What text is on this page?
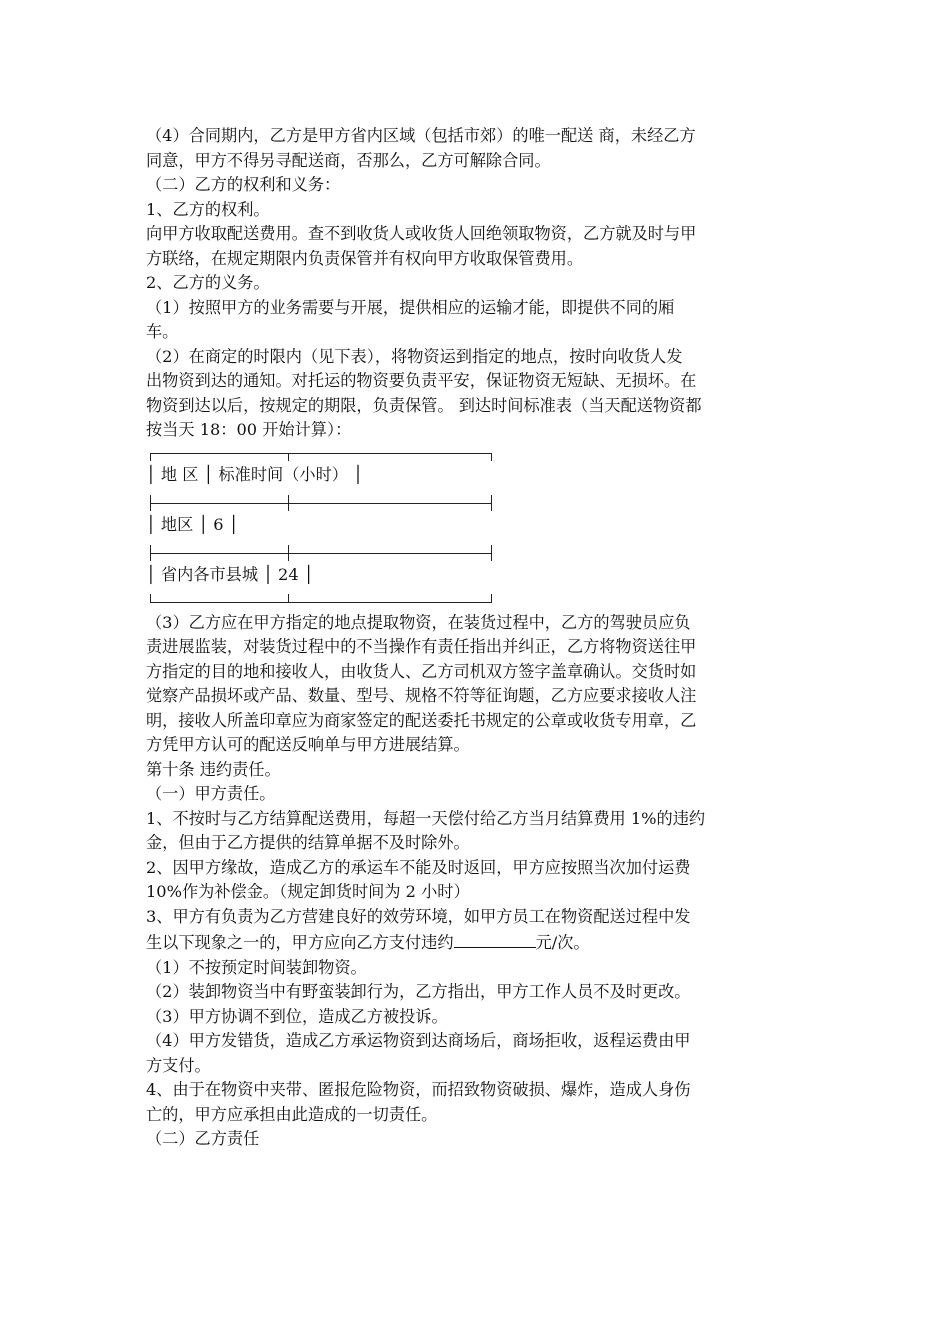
（4）合同期内，乙方是甲方省内区域（包括市郊）的唯一配送 商，未经乙方

同意，甲方不得另寻配送商，否那么，乙方可解除合同。

（二）乙方的权利和义务：

1、乙方的权利。

向甲方收取配送费用。查不到收货人或收货人回绝领取物资，乙方就及时与甲

方联络，在规定期限内负责保管并有权向甲方收取保管费用。

2、乙方的义务。

（1）按照甲方的业务需要与开展，提供相应的运输才能，即提供不同的厢

车。

（2）在商定的时限内（见下表），将物资运到指定的地点，按时向收货人发

出物资到达的通知。对托运的物资要负责平安，保证物资无短缺、无损坏。在

物资到达以后，按规定的期限，负责保管。 到达时间标准表（当天配送物资都

按当天 18：00 开始计算）：

│ 地 区 │ 标准时间（小时） │
│ 地区 │ 6 │
│ 省内各市县城 │ 24 │

（3）乙方应在甲方指定的地点提取物资，在装货过程中，乙方的驾驶员应负

责进展监装，对装货过程中的不当操作有责任指出并纠正，乙方将物资送往甲

方指定的目的地和接收人，由收货人、乙方司机双方签字盖章确认。交货时如

觉察产品损坏或产品、数量、型号、规格不符等征询题，乙方应要求接收人注

明，接收人所盖印章应为商家签定的配送委托书规定的公章或收货专用章，乙

方凭甲方认可的配送反响单与甲方进展结算。

第十条 违约责任。

（一）甲方责任。

1、不按时与乙方结算配送费用，每超一天偿付给乙方当月结算费用 1%的违约

金，但由于乙方提供的结算单据不及时除外。

2、因甲方缘故，造成乙方的承运车不能及时返回，甲方应按照当次加付运费

10%作为补偿金。（规定卸货时间为 2 小时）

3、甲方有负责为乙方营建良好的效劳环境，如甲方员工在物资配送过程中发

生以下现象之一的，甲方应向乙方支付违约	元/次。

（1）不按预定时间装卸物资。

（2）装卸物资当中有野蛮装卸行为，乙方指出，甲方工作人员不及时更改。

（3）甲方协调不到位，造成乙方被投诉。

（4）甲方发错货，造成乙方承运物资到达商场后，商场拒收，返程运费由甲

方支付。

4、由于在物资中夹带、匿报危险物资，而招致物资破损、爆炸，造成人身伤

亡的，甲方应承担由此造成的一切责任。

（二）乙方责任
